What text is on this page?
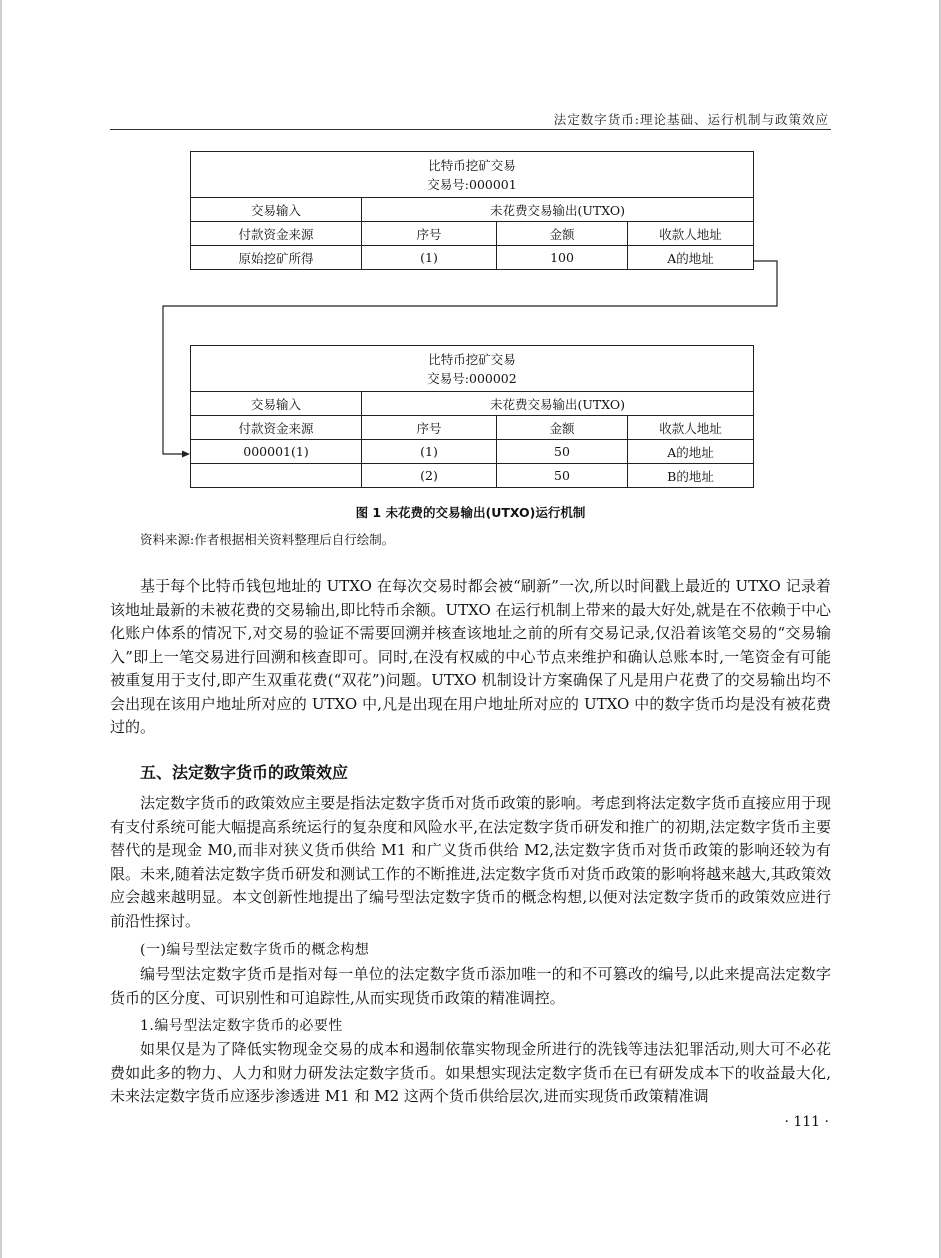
法定数字货币:理论基础、运行机制与政策效应
比特币挖矿交易
交易号:000001			

交易输入	未花费交易输出(UTXO)		
付款资金来源	序号	金额	收款人地址
原始挖矿所得	(1)	100	A的地址
比特币挖矿交易
交易号:000002			

交易输入	未花费交易输出(UTXO)		
付款资金来源	序号	金额	收款人地址
000001(1)	(1)	50	A的地址
	(2)	50	B的地址
图 1 未花费的交易输出(UTXO)运行机制
资料来源:作者根据相关资料整理后自行绘制。

基于每个比特币钱包地址的 UTXO 在每次交易时都会被“刷新”一次,所以时间戳上最近的 UTXO 记录着该地址最新的未被花费的交易输出,即比特币余额。UTXO 在运行机制上带来的最大好处,就是在不依赖于中心化账户体系的情况下,对交易的验证不需要回溯并核查该地址之前的所有交易记录,仅沿着该笔交易的“交易输入”即上一笔交易进行回溯和核查即可。同时,在没有权威的中心节点来维护和确认总账本时,一笔资金有可能被重复用于支付,即产生双重花费(“双花”)问题。UTXO 机制设计方案确保了凡是用户花费了的交易输出均不会出现在该用户地址所对应的 UTXO 中,凡是出现在用户地址所对应的 UTXO 中的数字货币均是没有被花费过的。

五、法定数字货币的政策效应

法定数字货币的政策效应主要是指法定数字货币对货币政策的影响。考虑到将法定数字货币直接应用于现有支付系统可能大幅提高系统运行的复杂度和风险水平,在法定数字货币研发和推广的初期,法定数字货币主要替代的是现金 M0,而非对狭义货币供给 M1 和广义货币供给 M2,法定数字货币对货币政策的影响还较为有限。未来,随着法定数字货币研发和测试工作的不断推进,法定数字货币对货币政策的影响将越来越大,其政策效应会越来越明显。本文创新性地提出了编号型法定数字货币的概念构想,以便对法定数字货币的政策效应进行前沿性探讨。

(一)编号型法定数字货币的概念构想

编号型法定数字货币是指对每一单位的法定数字货币添加唯一的和不可篡改的编号,以此来提高法定数字货币的区分度、可识别性和可追踪性,从而实现货币政策的精准调控。

1.编号型法定数字货币的必要性

如果仅是为了降低实物现金交易的成本和遏制依靠实物现金所进行的洗钱等违法犯罪活动,则大可不必花费如此多的物力、人力和财力研发法定数字货币。如果想实现法定数字货币在已有研发成本下的收益最大化,未来法定数字货币应逐步渗透进 M1 和 M2 这两个货币供给层次,进而实现货币政策精准调

· 111 ·
